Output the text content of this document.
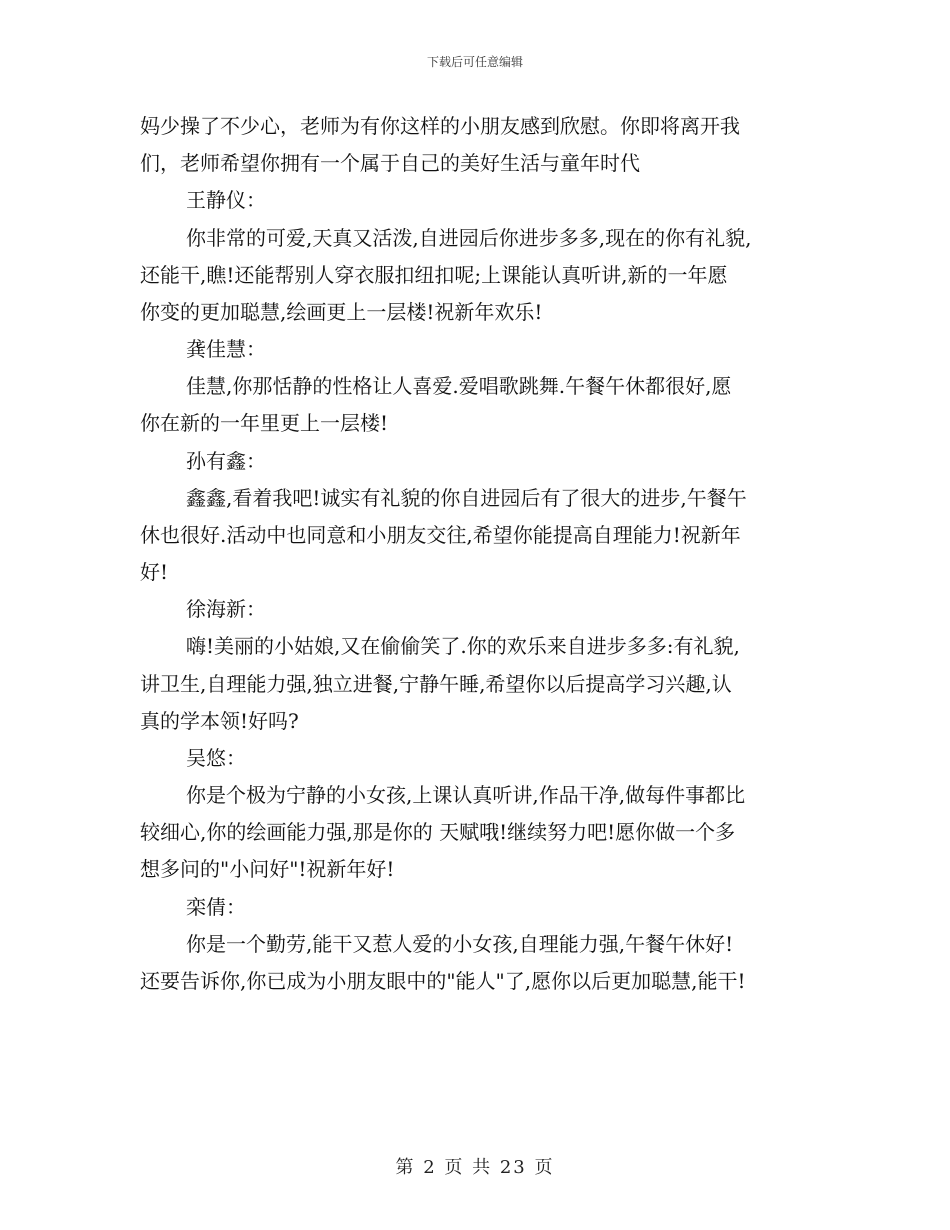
下载后可任意编辑
妈少操了不少心，老师为有你这样的小朋友感到欣慰。你即将离开我
们，老师希望你拥有一个属于自己的美好生活与童年时代
王静仪：
你非常的可爱,天真又活泼,自进园后你进步多多,现在的你有礼貌,
还能干,瞧!还能帮别人穿衣服扣纽扣呢;上课能认真听讲,新的一年愿
你变的更加聪慧,绘画更上一层楼!祝新年欢乐!
龚佳慧：
佳慧,你那恬静的性格让人喜爱.爱唱歌跳舞.午餐午休都很好,愿
你在新的一年里更上一层楼!
孙有鑫：
鑫鑫,看着我吧!诚实有礼貌的你自进园后有了很大的进步,午餐午
休也很好.活动中也同意和小朋友交往,希望你能提高自理能力!祝新年
好!
徐海新：
嗨!美丽的小姑娘,又在偷偷笑了.你的欢乐来自进步多多:有礼貌,
讲卫生,自理能力强,独立进餐,宁静午睡,希望你以后提高学习兴趣,认
真的学本领!好吗?
吴悠：
你是个极为宁静的小女孩,上课认真听讲,作品干净,做每件事都比
较细心,你的绘画能力强,那是你的 天赋哦!继续努力吧!愿你做一个多
想多问的"小问好"!祝新年好!
栾倩：
你是一个勤劳,能干又惹人爱的小女孩,自理能力强,午餐午休好!
还要告诉你,你已成为小朋友眼中的"能人"了,愿你以后更加聪慧,能干!
第 2 页 共 23 页
